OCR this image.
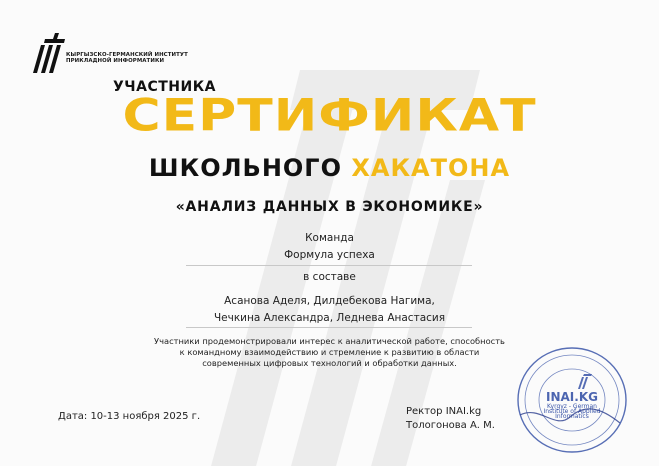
КЫРГЫЗСКО-ГЕРМАНСКИЙ ИНСТИТУТ
ПРИКЛАДНОЙ ИНФОРМАТИКИ
УЧАСТНИКА
СЕРТИФИКАТ
ШКОЛЬНОГО ХАКАТОНА
«АНАЛИЗ ДАННЫХ В ЭКОНОМИКЕ»
Команда
Формула успеха
в составе
Асанова Аделя, Дилдебекова Нагима,
Чечкина Александра, Леднева Анастасия
Участники продемонстрировали интерес к аналитической работе, способность
к командному взаимодействию и стремление к развитию в области
современных цифровых технологий и обработки данных.
Дата: 10-13 ноября 2025 г.	Ректор INAI.kg
Тологонова А. М.
INAI.KG
Kyrgyz - German
Institute of Applied
Informatics
